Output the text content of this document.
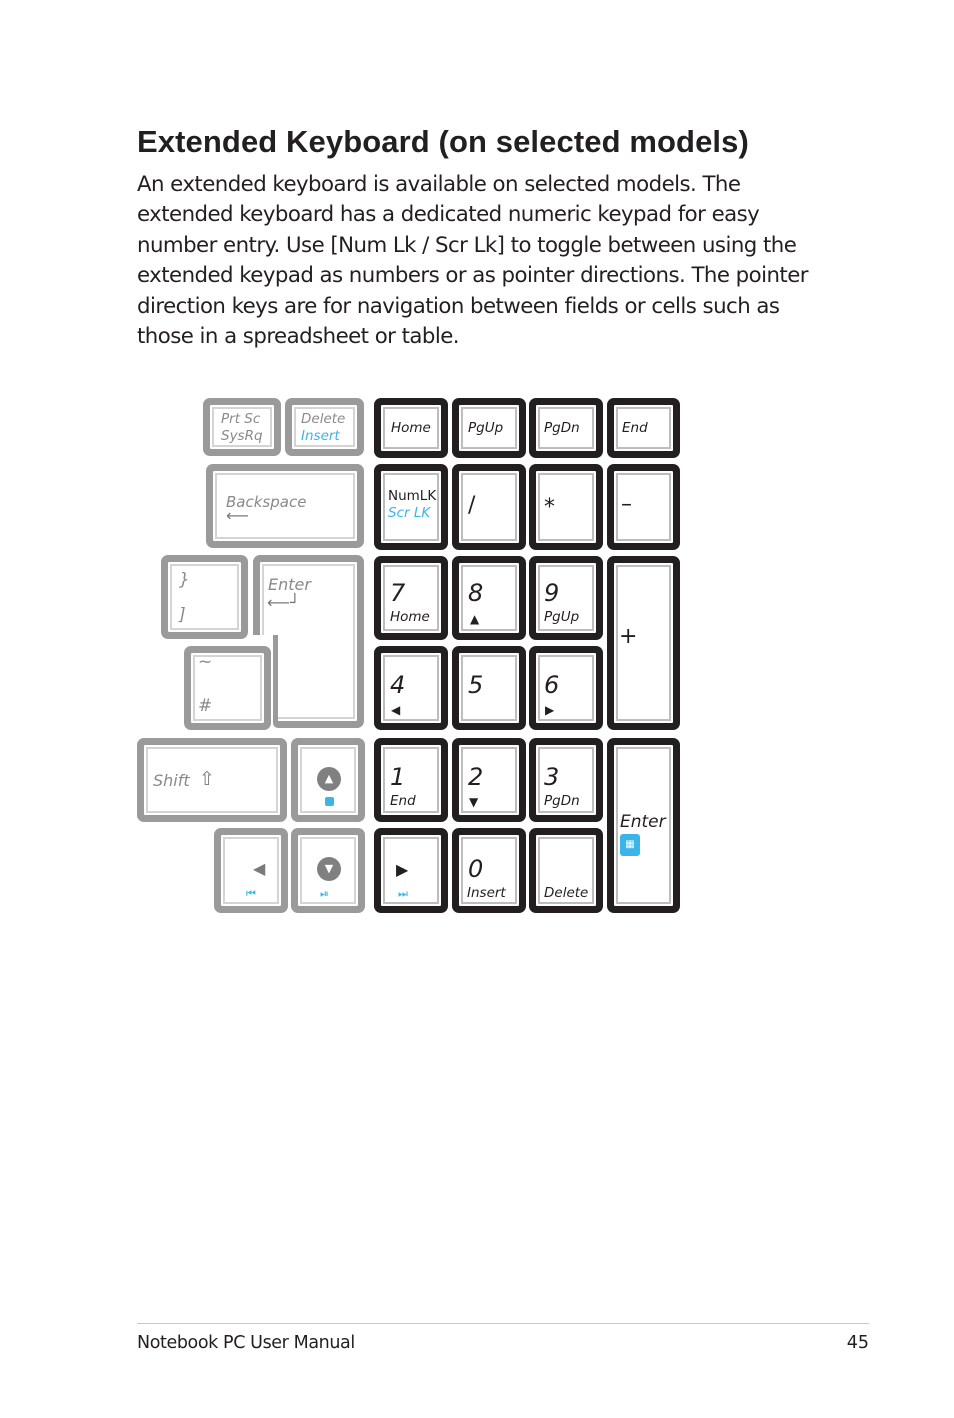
Extended Keyboard (on selected models)

An extended keyboard is available on selected models. The extended keyboard has a dedicated numeric keypad for easy number entry. Use [Num Lk / Scr Lk] to toggle between using the extended keypad as numbers or as pointer directions. The pointer direction keys are for navigation between fields or cells such as those in a spreadsheet or table.

Prt Sc
SysRq
Delete
Insert	Home	PgUp	PgDn	End
Backspace
⟵
NumLK
Scr LK /	*	–
}
]
Enter
⟵┘
~
#
7
Home
8
▲
9
PgUp
+
4
◀
5	6
▶
Shift ⇧	▲	1
End
2
▼
3
PgDn
Enter
▦
◀
⏮
▼
⏯
▶
⏭
0
Insert	Delete
Notebook PC User Manual	45
